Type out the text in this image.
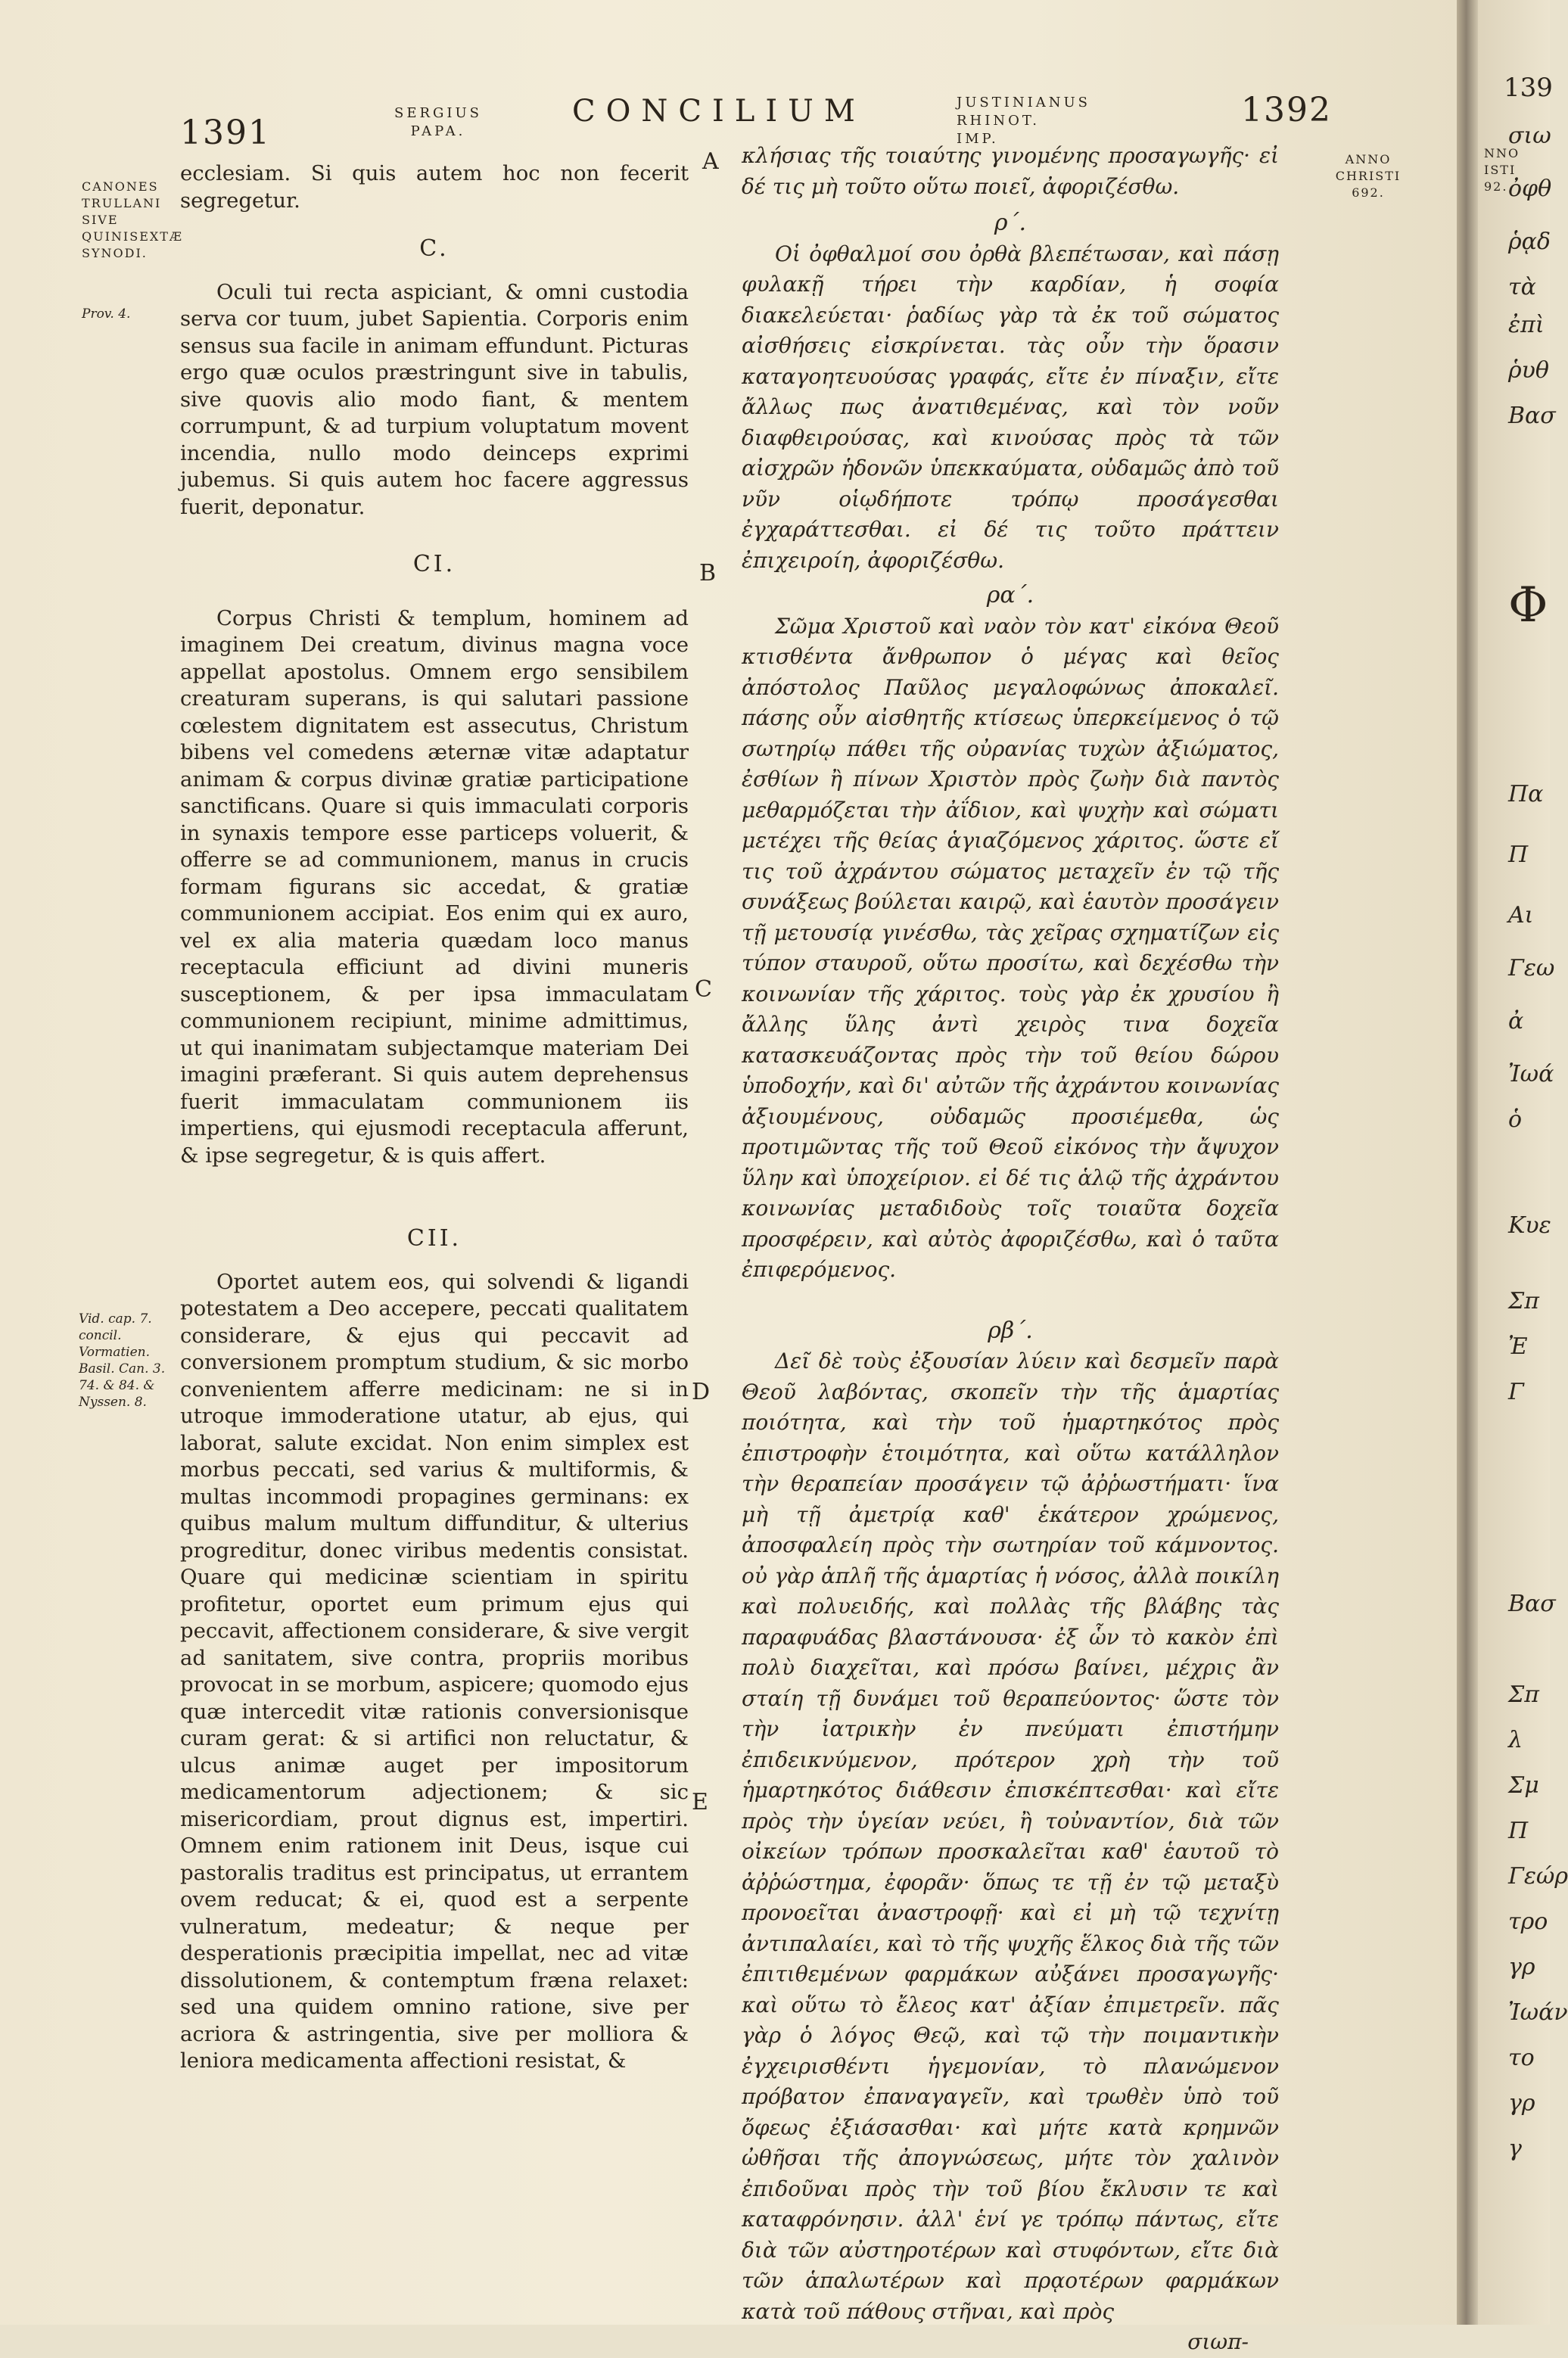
1391
SERGIUS PAPA.
CONCILIUM	JUSTINIANUS RHINOT. IMP.
1392
CANONES TRULLANI SIVE QUINISEXTÆ SYNODI.
Prov. 4.
Vid. cap. 7. concil. Vormatien. Basil. Can. 3. 74. & 84. & Nyssen. 8.
ANNO CHRISTI 692.
A
B
C
D
E

ecclesiam. Si quis autem hoc non fecerit segregetur.

C.

Oculi tui recta aspiciant, & omni custodia serva cor tuum, jubet Sapientia. Corporis enim sensus sua facile in animam effundunt. Picturas ergo quæ oculos præstringunt sive in tabulis, sive quovis alio modo fiant, & mentem corrumpunt, & ad turpium voluptatum movent incendia, nullo modo deinceps exprimi jubemus. Si quis autem hoc facere aggressus fuerit, deponatur.

CI.

Corpus Christi & templum, hominem ad imaginem Dei creatum, divinus magna voce appellat apostolus. Omnem ergo sensibilem creaturam superans, is qui salutari passione cœlestem dignitatem est assecutus, Christum bibens vel comedens æternæ vitæ adaptatur animam & corpus divinæ gratiæ participatione sanctificans. Quare si quis immaculati corporis in synaxis tempore esse particeps voluerit, & offerre se ad communionem, manus in crucis formam figurans sic accedat, & gratiæ communionem accipiat. Eos enim qui ex auro, vel ex alia materia quædam loco manus receptacula efficiunt ad divini muneris susceptionem, & per ipsa immaculatam communionem recipiunt, minime admittimus, ut qui inanimatam subjectamque materiam Dei imagini præferant. Si quis autem deprehensus fuerit immaculatam communionem iis impertiens, qui ejusmodi receptacula afferunt, & ipse segregetur, & is quis affert.

CII.

Oportet autem eos, qui solvendi & ligandi potestatem a Deo accepere, peccati qualitatem considerare, & ejus qui peccavit ad conversionem promptum studium, & sic morbo convenientem afferre medicinam: ne si in utroque immoderatione utatur, ab ejus, qui laborat, salute excidat. Non enim simplex est morbus peccati, sed varius & multiformis, & multas incommodi propagines germinans: ex quibus malum multum diffunditur, & ulterius progreditur, donec viribus medentis consistat. Quare qui medicinæ scientiam in spiritu profitetur, oportet eum primum ejus qui peccavit, affectionem considerare, & sive vergit ad sanitatem, sive contra, propriis moribus provocat in se morbum, aspicere; quomodo ejus quæ intercedit vitæ rationis conversionisque curam gerat: & si artifici non reluctatur, & ulcus animæ auget per impositorum medicamentorum adjectionem; & sic misericordiam, prout dignus est, impertiri. Omnem enim rationem init Deus, isque cui pastoralis traditus est principatus, ut errantem ovem reducat; & ei, quod est a serpente vulneratum, medeatur; & neque per desperationis præcipitia impellat, nec ad vitæ dissolutionem, & contemptum fræna relaxet: sed una quidem omnino ratione, sive per acriora & astringentia, sive per molliora & leniora medicamenta affectioni resistat, &

κλήσιας τῆς τοιαύτης γινομένης προσαγωγῆς· εἰ δέ τις μὴ τοῦτο οὕτω ποιεῖ, ἀφοριζέσθω.

ρ΄.

Οἱ ὀφθαλμοί σου ὀρθὰ βλεπέτωσαν, καὶ πάσῃ φυλακῇ τήρει τὴν καρδίαν, ἡ σοφία διακελεύεται· ῥαδίως γὰρ τὰ ἐκ τοῦ σώματος αἰσθήσεις εἰσκρίνεται. τὰς οὖν τὴν ὅρασιν καταγοητευούσας γραφάς, εἴτε ἐν πίναξιν, εἴτε ἄλλως πως ἀνατιθεμένας, καὶ τὸν νοῦν διαφθειρούσας, καὶ κινούσας πρὸς τὰ τῶν αἰσχρῶν ἡδονῶν ὑπεκκαύματα, οὐδαμῶς ἀπὸ τοῦ νῦν οἱῳδήποτε τρόπῳ προσάγεσθαι ἐγχαράττεσθαι. εἰ δέ τις τοῦτο πράττειν ἐπιχειροίη, ἀφοριζέσθω.

ρα΄.

Σῶμα Χριστοῦ καὶ ναὸν τὸν κατ' εἰκόνα Θεοῦ κτισθέντα ἄνθρωπον ὁ μέγας καὶ θεῖος ἀπόστολος Παῦλος μεγαλοφώνως ἀποκαλεῖ. πάσης οὖν αἰσθητῆς κτίσεως ὑπερκείμενος ὁ τῷ σωτηρίῳ πάθει τῆς οὐρανίας τυχὼν ἀξιώματος, ἐσθίων ἢ πίνων Χριστὸν πρὸς ζωὴν διὰ παντὸς μεθαρμόζεται τὴν ἀΐδιον, καὶ ψυχὴν καὶ σώματι μετέχει τῆς θείας ἁγιαζόμενος χάριτος. ὥστε εἴ τις τοῦ ἀχράντου σώματος μεταχεῖν ἐν τῷ τῆς συνάξεως βούλεται καιρῷ, καὶ ἑαυτὸν προσάγειν τῇ μετουσίᾳ γινέσθω, τὰς χεῖρας σχηματίζων εἰς τύπον σταυροῦ, οὕτω προσίτω, καὶ δεχέσθω τὴν κοινωνίαν τῆς χάριτος. τοὺς γὰρ ἐκ χρυσίου ἢ ἄλλης ὕλης ἀντὶ χειρὸς τινα δοχεῖα κατασκευάζοντας πρὸς τὴν τοῦ θείου δώρου ὑποδοχήν, καὶ δι' αὐτῶν τῆς ἀχράντου κοινωνίας ἀξιουμένους, οὐδαμῶς προσιέμεθα, ὡς προτιμῶντας τῆς τοῦ Θεοῦ εἰκόνος τὴν ἄψυχον ὕλην καὶ ὑποχείριον. εἰ δέ τις ἁλῷ τῆς ἀχράντου κοινωνίας μεταδιδοὺς τοῖς τοιαῦτα δοχεῖα προσφέρειν, καὶ αὐτὸς ἀφοριζέσθω, καὶ ὁ ταῦτα ἐπιφερόμενος.

ρβ΄.

Δεῖ δὲ τοὺς ἐξουσίαν λύειν καὶ δεσμεῖν παρὰ Θεοῦ λαβόντας, σκοπεῖν τὴν τῆς ἁμαρτίας ποιότητα, καὶ τὴν τοῦ ἡμαρτηκότος πρὸς ἐπιστροφὴν ἑτοιμότητα, καὶ οὕτω κατάλληλον τὴν θεραπείαν προσάγειν τῷ ἀῤῥωστήματι· ἵνα μὴ τῇ ἀμετρίᾳ καθ' ἑκάτερον χρώμενος, ἀποσφαλείη πρὸς τὴν σωτηρίαν τοῦ κάμνοντος. οὐ γὰρ ἁπλῆ τῆς ἁμαρτίας ἡ νόσος, ἀλλὰ ποικίλη καὶ πολυειδής, καὶ πολλὰς τῆς βλάβης τὰς παραφυάδας βλαστάνουσα· ἐξ ὧν τὸ κακὸν ἐπὶ πολὺ διαχεῖται, καὶ πρόσω βαίνει, μέχρις ἂν σταίη τῇ δυνάμει τοῦ θεραπεύοντος· ὥστε τὸν τὴν ἰατρικὴν ἐν πνεύματι ἐπιστήμην ἐπιδεικνύμενον, πρότερον χρὴ τὴν τοῦ ἡμαρτηκότος διάθεσιν ἐπισκέπτεσθαι· καὶ εἴτε πρὸς τὴν ὑγείαν νεύει, ἢ τοὐναντίον, διὰ τῶν οἰκείων τρόπων προσκαλεῖται καθ' ἑαυτοῦ τὸ ἀῤῥώστημα, ἐφορᾶν· ὅπως τε τῇ ἐν τῷ μεταξὺ προνοεῖται ἀναστροφῇ· καὶ εἰ μὴ τῷ τεχνίτῃ ἀντιπαλαίει, καὶ τὸ τῆς ψυχῆς ἕλκος διὰ τῆς τῶν ἐπιτιθεμένων φαρμάκων αὐξάνει προσαγωγῆς· καὶ οὕτω τὸ ἔλεος κατ' ἀξίαν ἐπιμετρεῖν. πᾶς γὰρ ὁ λόγος Θεῷ, καὶ τῷ τὴν ποιμαντικὴν ἐγχειρισθέντι ἡγεμονίαν, τὸ πλανώμενον πρόβατον ἐπαναγαγεῖν, καὶ τρωθὲν ὑπὸ τοῦ ὄφεως ἐξιάσασθαι· καὶ μήτε κατὰ κρημνῶν ὠθῆσαι τῆς ἀπογνώσεως, μήτε τὸν χαλινὸν ἐπιδοῦναι πρὸς τὴν τοῦ βίου ἔκλυσιν τε καὶ καταφρόνησιν. ἀλλ' ἑνί γε τρόπῳ πάντως, εἴτε διὰ τῶν αὐστηροτέρων καὶ στυφόντων, εἴτε διὰ τῶν ἁπαλωτέρων καὶ πρᾳοτέρων φαρμάκων κατὰ τοῦ πάθους στῆναι, καὶ πρὸς

σιωπ-

139
NNO ISTI 92.
σιω
ὀφθ
ῥᾳδ
τὰ
ἐπὶ
ῥυθ
Βασ
Φ
Πα
Π
Αι
Γεω
ἀ
Ἰωά
ὁ
Κυε
Σπ
Ἐ
Γ
Βασ
Σπ
λ
Σμ
Π
Γεώρ
τρο
γρ
Ἰωάν
το
γρ
γ
